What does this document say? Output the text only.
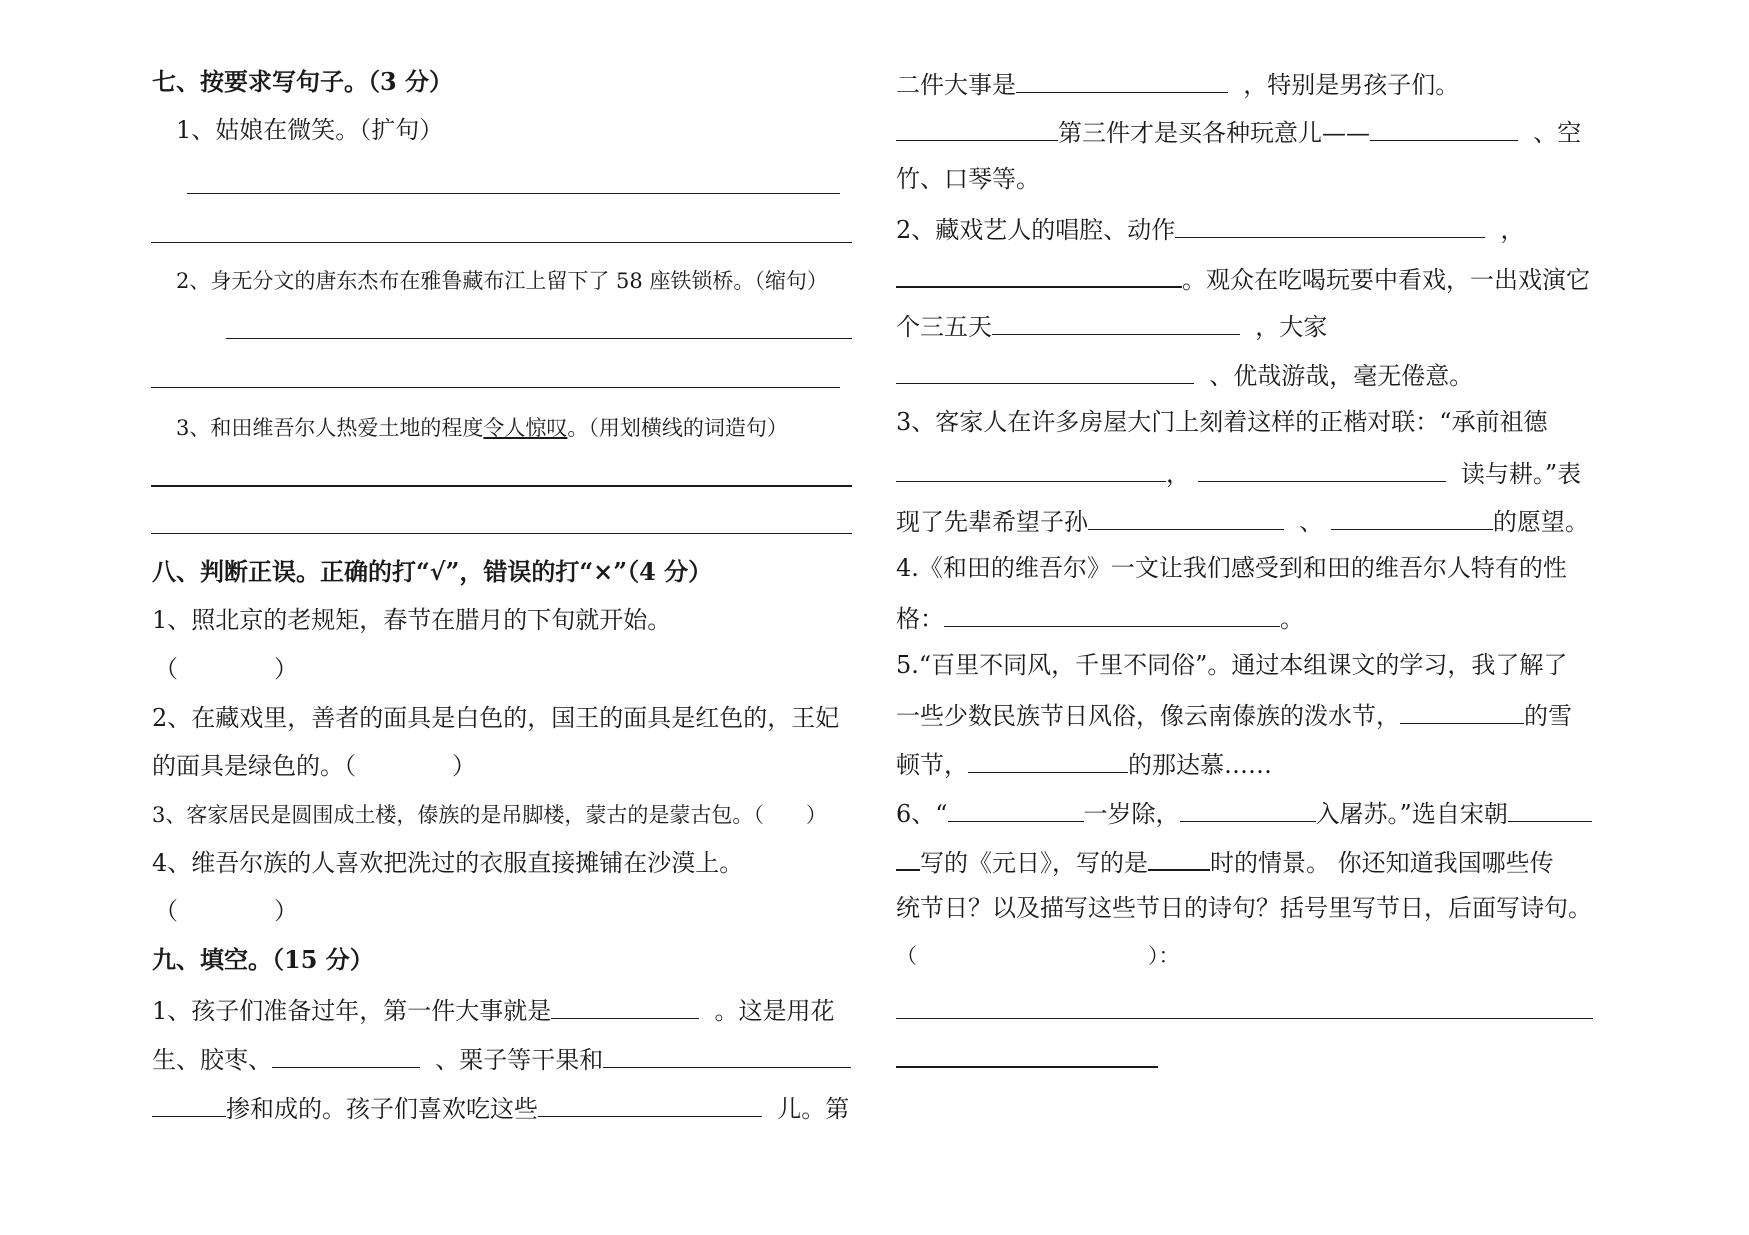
七、按要求写句子。（3 分）
1、姑娘在微笑。（扩句）
2、身无分文的唐东杰布在雅鲁藏布江上留下了 58 座铁锁桥。（缩句）
3、和田维吾尔人热爱土地的程度令人惊叹。（用划横线的词造句）
八、判断正误。正确的打“√”，错误的打“×”（4 分）
1、照北京的老规矩，春节在腊月的下旬就开始。
（　　　　）
2、在藏戏里，善者的面具是白色的，国王的面具是红色的，王妃
的面具是绿色的。（　　　　）
3、客家居民是圆围成土楼，傣族的是吊脚楼，蒙古的是蒙古包。（　　）
4、维吾尔族的人喜欢把洗过的衣服直接摊铺在沙漠上。
（　　　　）
九、填空。（15 分）
1、孩子们准备过年，第一件大事就是	。这是用花
生、胶枣、	、栗子等干果和
掺和成的。孩子们喜欢吃这些	儿。第
二件大事是	，特别是男孩子们。
第三件才是买各种玩意儿——	、空
竹、口琴等。
2、藏戏艺人的唱腔、动作	，
。观众在吃喝玩要中看戏，一出戏演它
个三五天	，大家
、优哉游哉，毫无倦意。
3、客家人在许多房屋大门上刻着这样的正楷对联：“承前祖德
，	读与耕。”表
现了先辈希望子孙	、	的愿望。
4.《和田的维吾尔》一文让我们感受到和田的维吾尔人特有的性
格：	。
5.“百里不同风，千里不同俗”。通过本组课文的学习，我了解了
一些少数民族节日风俗，像云南傣族的泼水节，	的雪
顿节，	的那达慕……
6、“	一岁除，	入屠苏。”选自宋朝
写的《元日》，写的是	时的情景。 你还知道我国哪些传
统节日？以及描写这些节日的诗句？括号里写节日，后面写诗句。
（　　　　　　　　　　　）：
